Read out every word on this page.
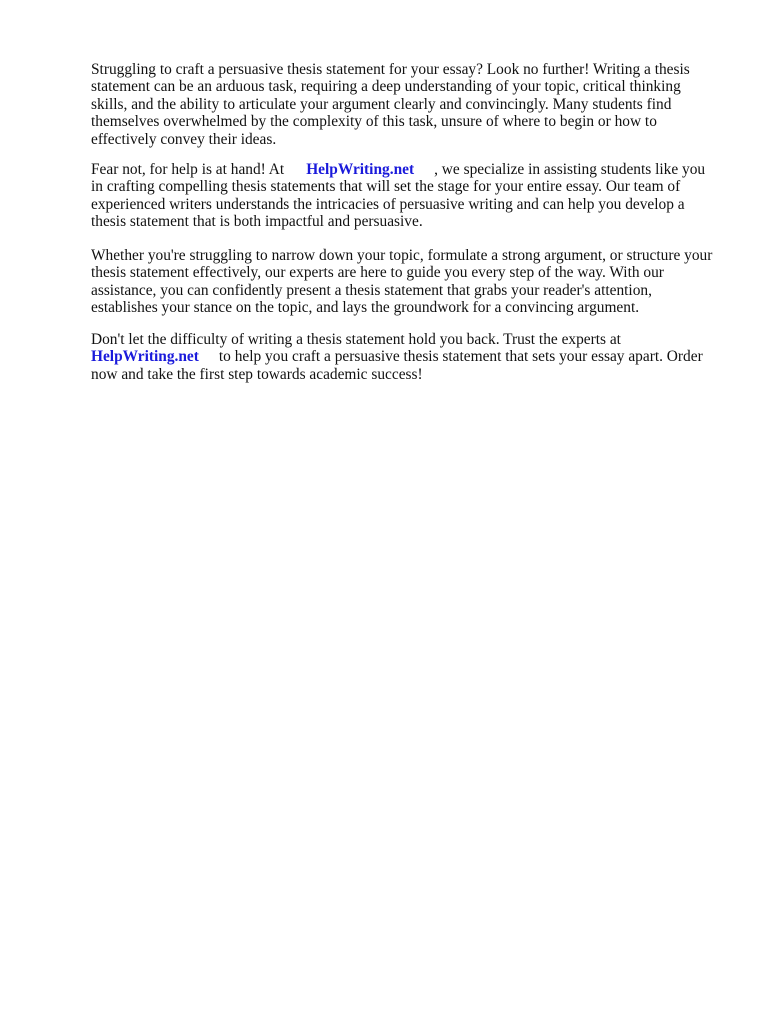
Struggling to craft a persuasive thesis statement for your essay? Look no further! Writing a thesis
statement can be an arduous task, requiring a deep understanding of your topic, critical thinking
skills, and the ability to articulate your argument clearly and convincingly. Many students find
themselves overwhelmed by the complexity of this task, unsure of where to begin or how to
effectively convey their ideas.
Fear not, for help is at hand! At HelpWriting.net , we specialize in assisting students like you
in crafting compelling thesis statements that will set the stage for your entire essay. Our team of
experienced writers understands the intricacies of persuasive writing and can help you develop a
thesis statement that is both impactful and persuasive.
Whether you're struggling to narrow down your topic, formulate a strong argument, or structure your
thesis statement effectively, our experts are here to guide you every step of the way. With our
assistance, you can confidently present a thesis statement that grabs your reader's attention,
establishes your stance on the topic, and lays the groundwork for a convincing argument.
Don't let the difficulty of writing a thesis statement hold you back. Trust the experts at
HelpWriting.net to help you craft a persuasive thesis statement that sets your essay apart. Order
now and take the first step towards academic success!
